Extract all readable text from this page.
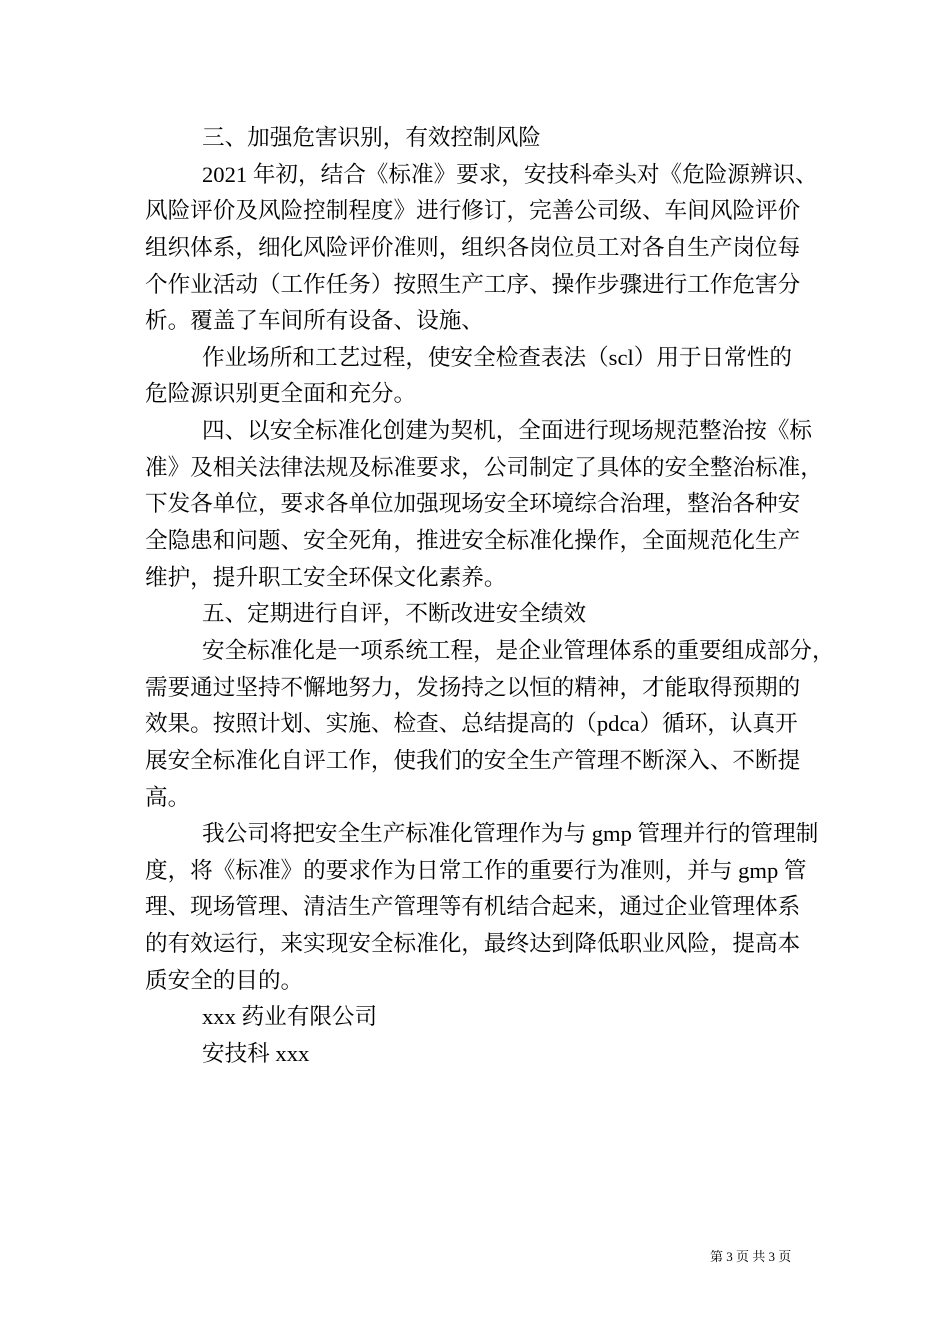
三、加强危害识别，有效控制风险
2021 年初，结合《标准》要求，安技科牵头对《危险源辨识、
风险评价及风险控制程度》进行修订，完善公司级、车间风险评价
组织体系，细化风险评价准则，组织各岗位员工对各自生产岗位每
个作业活动（工作任务）按照生产工序、操作步骤进行工作危害分
析。覆盖了车间所有设备、设施、
作业场所和工艺过程，使安全检查表法（scl）用于日常性的
危险源识别更全面和充分。
四、以安全标准化创建为契机，全面进行现场规范整治按《标
准》及相关法律法规及标准要求，公司制定了具体的安全整治标准，
下发各单位，要求各单位加强现场安全环境综合治理，整治各种安
全隐患和问题、安全死角，推进安全标准化操作，全面规范化生产
维护，提升职工安全环保文化素养。
五、定期进行自评，不断改进安全绩效
安全标准化是一项系统工程，是企业管理体系的重要组成部分，
需要通过坚持不懈地努力，发扬持之以恒的精神，才能取得预期的
效果。按照计划、实施、检查、总结提高的（pdca）循环，认真开
展安全标准化自评工作，使我们的安全生产管理不断深入、不断提
高。
我公司将把安全生产标准化管理作为与 gmp 管理并行的管理制
度，将《标准》的要求作为日常工作的重要行为准则，并与 gmp 管
理、现场管理、清洁生产管理等有机结合起来，通过企业管理体系
的有效运行，来实现安全标准化，最终达到降低职业风险，提高本
质安全的目的。
xxx 药业有限公司
安技科 xxx
第 3 页 共 3 页
